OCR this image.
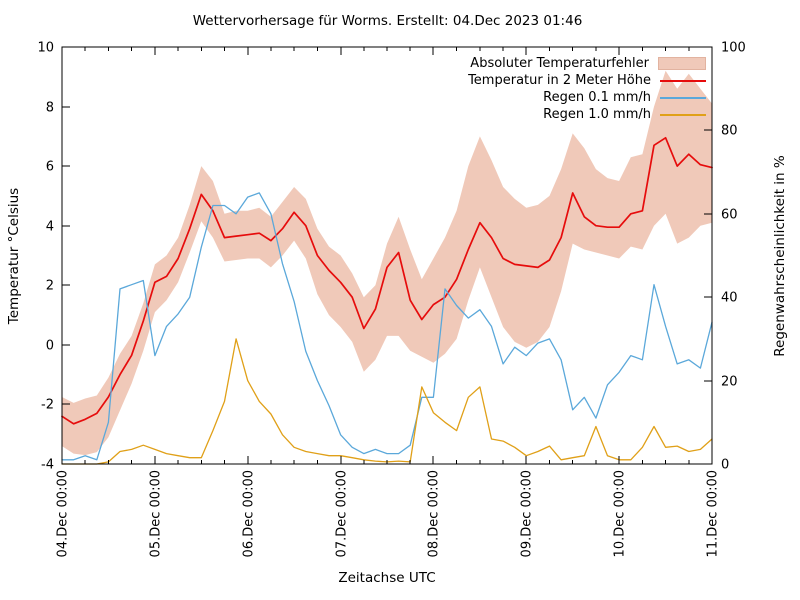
10
8
6
4
2
0
-2
-4
100
80
60
40
20
0
04.Dec 00:00	05.Dec 00:00	06.Dec 00:00	07.Dec 00:00	08.Dec 00:00	09.Dec 00:00	10.Dec 00:00	11.Dec 00:00
Wettervorhersage für Worms. Erstellt: 04.Dec 2023 01:46
Temperatur °Celsius	Regenwahrscheinlichkeit in %
Zeitachse UTC
Absoluter Temperaturfehler
Temperatur in 2 Meter Höhe
Regen 0.1 mm/h
Regen 1.0 mm/h
